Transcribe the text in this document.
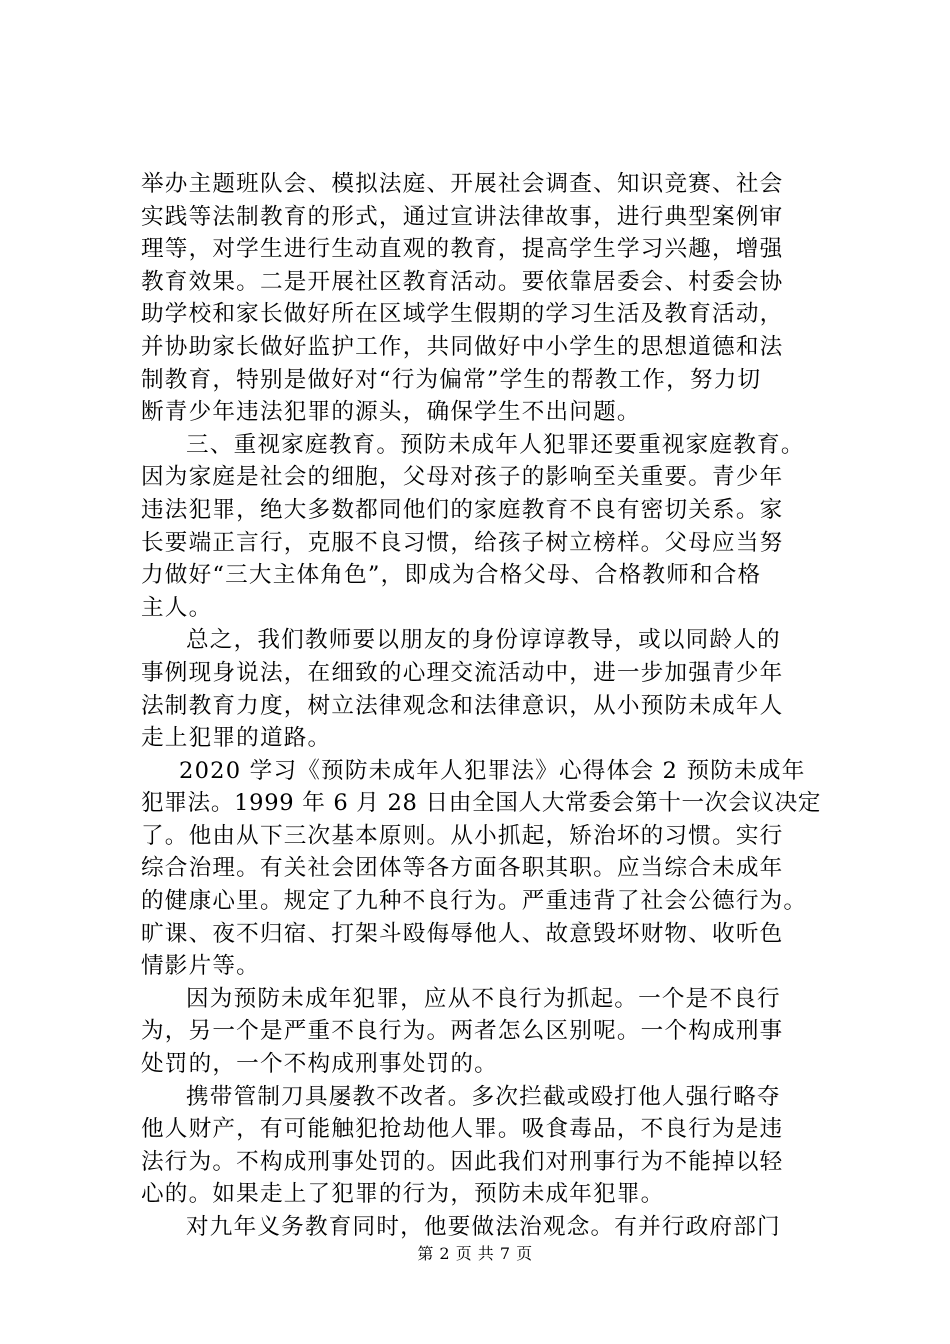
举办主题班队会、模拟法庭、开展社会调查、知识竞赛、社会
实践等法制教育的形式，通过宣讲法律故事，进行典型案例审
理等，对学生进行生动直观的教育，提高学生学习兴趣，增强
教育效果。二是开展社区教育活动。要依靠居委会、村委会协
助学校和家长做好所在区域学生假期的学习生活及教育活动，
并协助家长做好监护工作，共同做好中小学生的思想道德和法
制教育，特别是做好对“行为偏常”学生的帮教工作，努力切
断青少年违法犯罪的源头，确保学生不出问题。
三、重视家庭教育。预防未成年人犯罪还要重视家庭教育。
因为家庭是社会的细胞，父母对孩子的影响至关重要。青少年
违法犯罪，绝大多数都同他们的家庭教育不良有密切关系。家
长要端正言行，克服不良习惯，给孩子树立榜样。父母应当努
力做好“三大主体角色”，即成为合格父母、合格教师和合格
主人。
总之，我们教师要以朋友的身份谆谆教导，或以同龄人的
事例现身说法，在细致的心理交流活动中，进一步加强青少年
法制教育力度，树立法律观念和法律意识，从小预防未成年人
走上犯罪的道路。
2020 学习《预防未成年人犯罪法》心得体会 2 预防未成年
犯罪法。1999 年 6 月 28 日由全国人大常委会第十一次会议决定
了。他由从下三次基本原则。从小抓起，矫治坏的习惯。实行
综合治理。有关社会团体等各方面各职其职。应当综合未成年
的健康心里。规定了九种不良行为。严重违背了社会公德行为。
旷课、夜不归宿、打架斗殴侮辱他人、故意毁坏财物、收听色
情影片等。
因为预防未成年犯罪，应从不良行为抓起。一个是不良行
为，另一个是严重不良行为。两者怎么区别呢。一个构成刑事
处罚的，一个不构成刑事处罚的。
携带管制刀具屡教不改者。多次拦截或殴打他人强行略夺
他人财产，有可能触犯抢劫他人罪。吸食毒品，不良行为是违
法行为。不构成刑事处罚的。因此我们对刑事行为不能掉以轻
心的。如果走上了犯罪的行为，预防未成年犯罪。
对九年义务教育同时，他要做法治观念。有并行政府部门
第 2 页 共 7 页
